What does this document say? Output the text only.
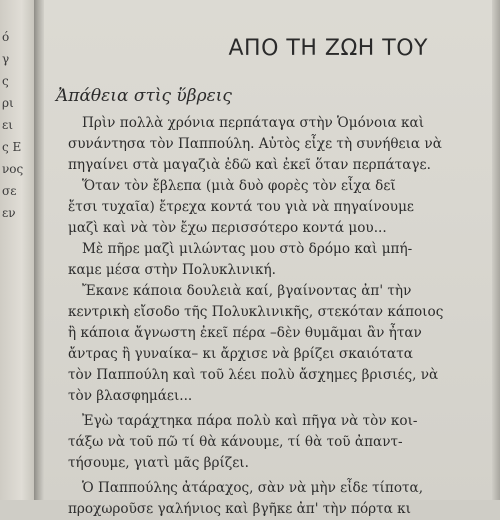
ό
γ
ς
ρι
ει
ς Ε
νος
σε
εν
ΑΠΟ ΤΗ ΖΩΗ ΤΟΥ
Ἀπάθεια στὶς ὕβρεις
Πρὶν πολλὰ χρόνια περπάταγα στὴν Ὁμόνοια καὶ
συνάντησα τὸν Παππούλη. Αὐτὸς εἶχε τὴ συνήθεια νὰ
πηγαίνει στὰ μαγαζιὰ ἐδῶ καὶ ἐκεῖ ὅταν περπάταγε.
Ὅταν τὸν ἔβλεπα (μιὰ δυὸ φορὲς τὸν εἶχα δεῖ
ἔτσι τυχαῖα) ἔτρεχα κοντά του γιὰ νὰ πηγαίνουμε
μαζὶ καὶ νὰ τὸν ἔχω περισσότερο κοντά μου...
Μὲ πῆρε μαζὶ μιλώντας μου στὸ δρόμο καὶ μπή-
καμε μέσα στὴν Πολυκλινική.
Ἔκανε κάποια δουλειὰ καί, βγαίνοντας ἀπ' τὴν
κεντρικὴ εἴσοδο τῆς Πολυκλινικῆς, στεκόταν κάποιος
ἢ κάποια ἄγνωστη ἐκεῖ πέρα –δὲν θυμᾶμαι ἂν ἦταν
ἄντρας ἢ γυναίκα– κι ἄρχισε νὰ βρίζει σκαιότατα
τὸν Παππούλη καὶ τοῦ λέει πολὺ ἄσχημες βρισιές, νὰ
τὸν βλασφημάει...
Ἐγὼ ταράχτηκα πάρα πολὺ καὶ πῆγα νὰ τὸν κοι-
τάξω νὰ τοῦ πῶ τί θὰ κάνουμε, τί θὰ τοῦ ἀπαντ-
τήσουμε, γιατὶ μᾶς βρίζει.
Ὁ Παππούλης ἀτάραχος, σὰν νὰ μὴν εἶδε τίποτα,
προχωροῦσε γαλήνιος καὶ βγῆκε ἀπ' τὴν πόρτα κι
